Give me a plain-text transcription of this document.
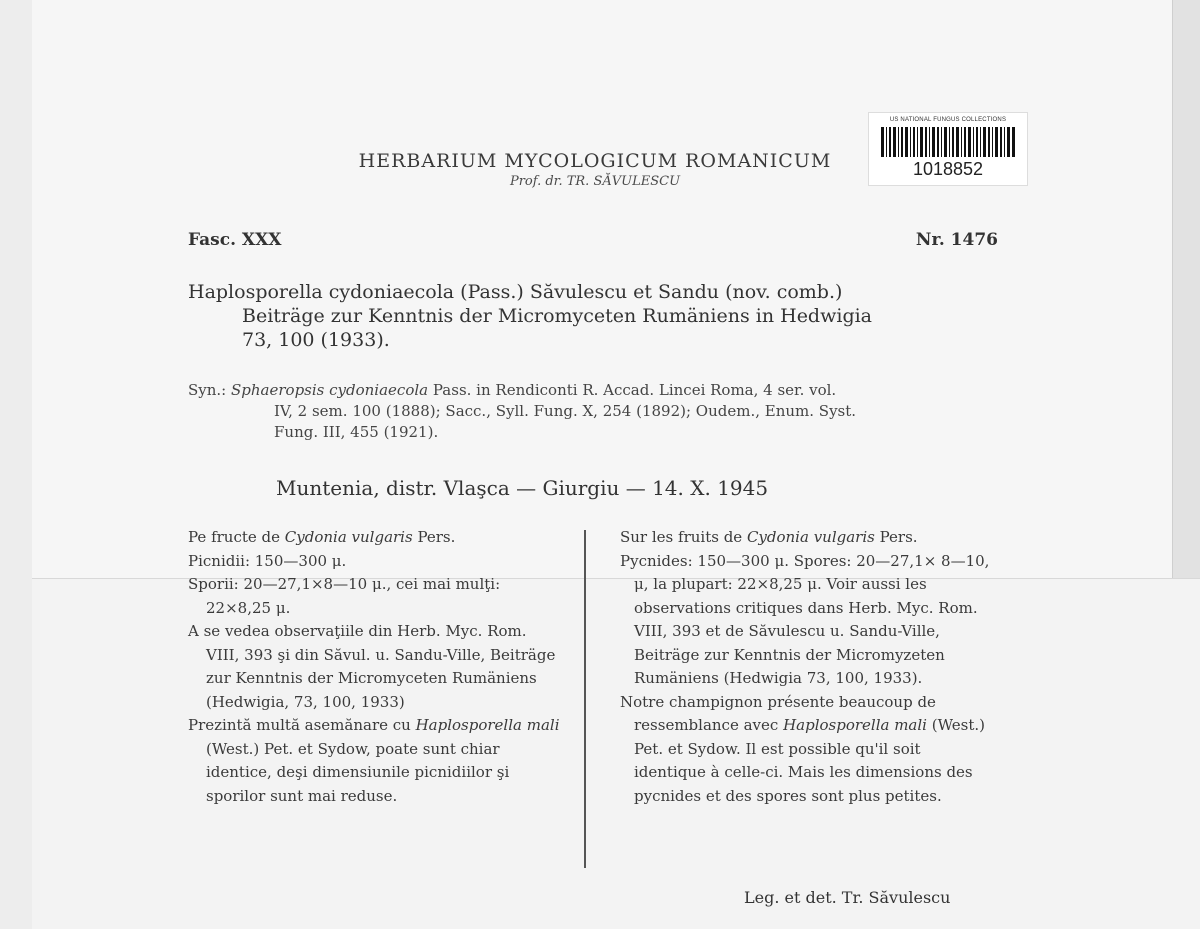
HERBARIUM MYCOLOGICUM ROMANICUM
Prof. dr. TR. SĂVULESCU
US NATIONAL FUNGUS COLLECTIONS
1018852
Fasc. XXX	Nr. 1476
Haplosporella cydoniaecola (Pass.) Săvulescu et Sandu (nov. comb.)
Beiträge zur Kenntnis der Micromyceten Rumäniens in Hedwigia
73, 100 (1933).
Syn.: Sphaeropsis cydoniaecola Pass. in Rendiconti R. Accad. Lincei Roma, 4 ser. vol.
IV, 2 sem. 100 (1888); Sacc., Syll. Fung. X, 254 (1892); Oudem., Enum. Syst.
Fung. III, 455 (1921).
Muntenia, distr. Vlaşca — Giurgiu — 14. X. 1945

Pe fructe de Cydonia vulgaris Pers.

Picnidii: 150—300 μ.

Sporii: 20—27,1×8—10 μ., cei mai mulţi: 22×8,25 μ.

A se vedea observaţiile din Herb. Myc. Rom. VIII, 393 şi din Săvul. u. Sandu-Ville, Beiträge zur Kenntnis der Micromyceten Rumäniens (Hedwigia, 73, 100, 1933)

Prezintă multă asemănare cu Haplosporella mali (West.) Pet. et Sydow, poate sunt chiar identice, deşi dimensiunile picnidiilor şi sporilor sunt mai reduse.

Sur les fruits de Cydonia vulgaris Pers.

Pycnides: 150—300 μ. Spores: 20—27,1× 8—10, μ, la plupart: 22×8,25 μ. Voir aussi les observations critiques dans Herb. Myc. Rom. VIII, 393 et de Săvulescu u. Sandu-Ville, Beiträge zur Kenntnis der Micromyzeten Rumäniens (Hedwigia 73, 100, 1933).

Notre champignon présente beaucoup de ressemblance avec Haplosporella mali (West.) Pet. et Sydow. Il est possible qu'il soit identique à celle-ci. Mais les dimensions des pycnides et des spores sont plus petites.

Leg. et det. Tr. Săvulescu
